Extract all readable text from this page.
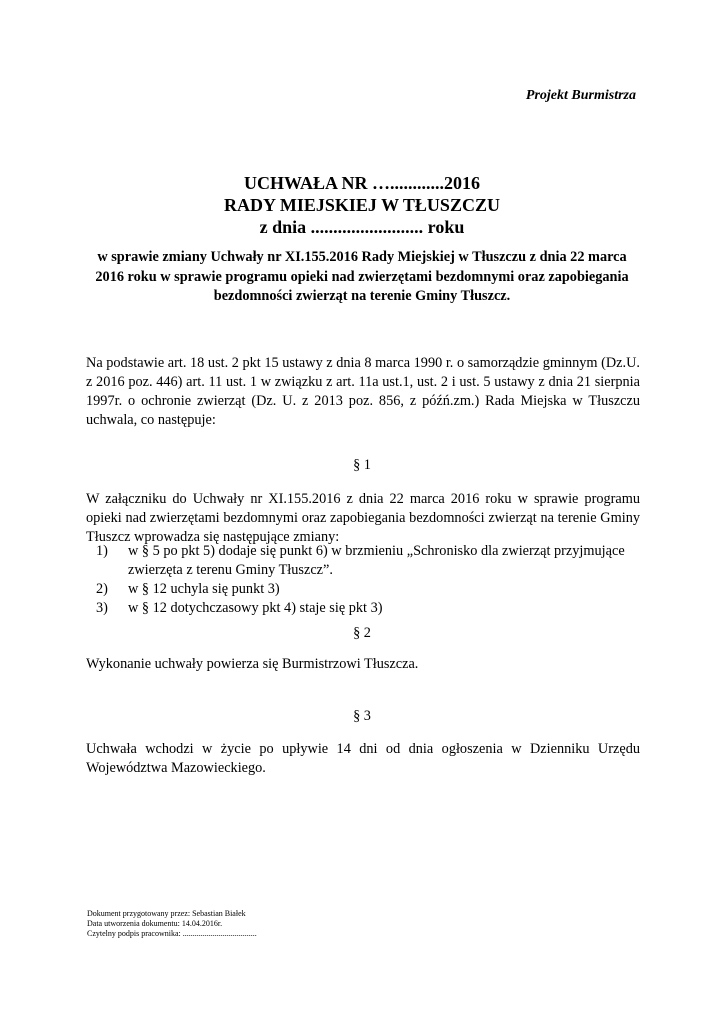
Projekt Burmistrza
UCHWAŁA NR …............2016
RADY MIEJSKIEJ W TŁUSZCZU
z dnia ......................... roku
w sprawie zmiany Uchwały nr XI.155.2016 Rady Miejskiej w Tłuszczu z dnia 22 marca 2016 roku w sprawie programu opieki nad zwierzętami bezdomnymi oraz zapobiegania bezdomności zwierząt na terenie Gminy Tłuszcz.
Na podstawie art. 18 ust. 2 pkt 15 ustawy z dnia 8 marca 1990 r. o samorządzie gminnym (Dz.U. z 2016 poz. 446) art. 11 ust. 1 w związku z art. 11a ust.1, ust. 2 i ust. 5 ustawy z dnia 21 sierpnia 1997r. o ochronie zwierząt (Dz. U. z 2013 poz. 856, z późń.zm.) Rada Miejska w Tłuszczu uchwala, co następuje:
§ 1
W załączniku do Uchwały nr XI.155.2016 z dnia 22 marca 2016 roku w sprawie programu opieki nad zwierzętami bezdomnymi oraz zapobiegania bezdomności zwierząt na terenie Gminy Tłuszcz wprowadza się następujące zmiany:
1) w § 5 po pkt 5) dodaje się punkt 6) w brzmieniu „Schronisko dla zwierząt przyjmujące zwierzęta z terenu Gminy Tłuszcz”.
2) w § 12 uchyla się punkt 3)
3) w § 12 dotychczasowy pkt 4) staje się pkt 3)
§ 2
Wykonanie uchwały powierza się Burmistrzowi Tłuszcza.
§ 3
Uchwała wchodzi w życie po upływie 14 dni od dnia ogłoszenia w Dzienniku Urzędu Województwa Mazowieckiego.
Dokument przygotowany przez: Sebastian Białek
Data utworzenia dokumentu: 14.04.2016r.
Czytelny podpis pracownika: .....................................
